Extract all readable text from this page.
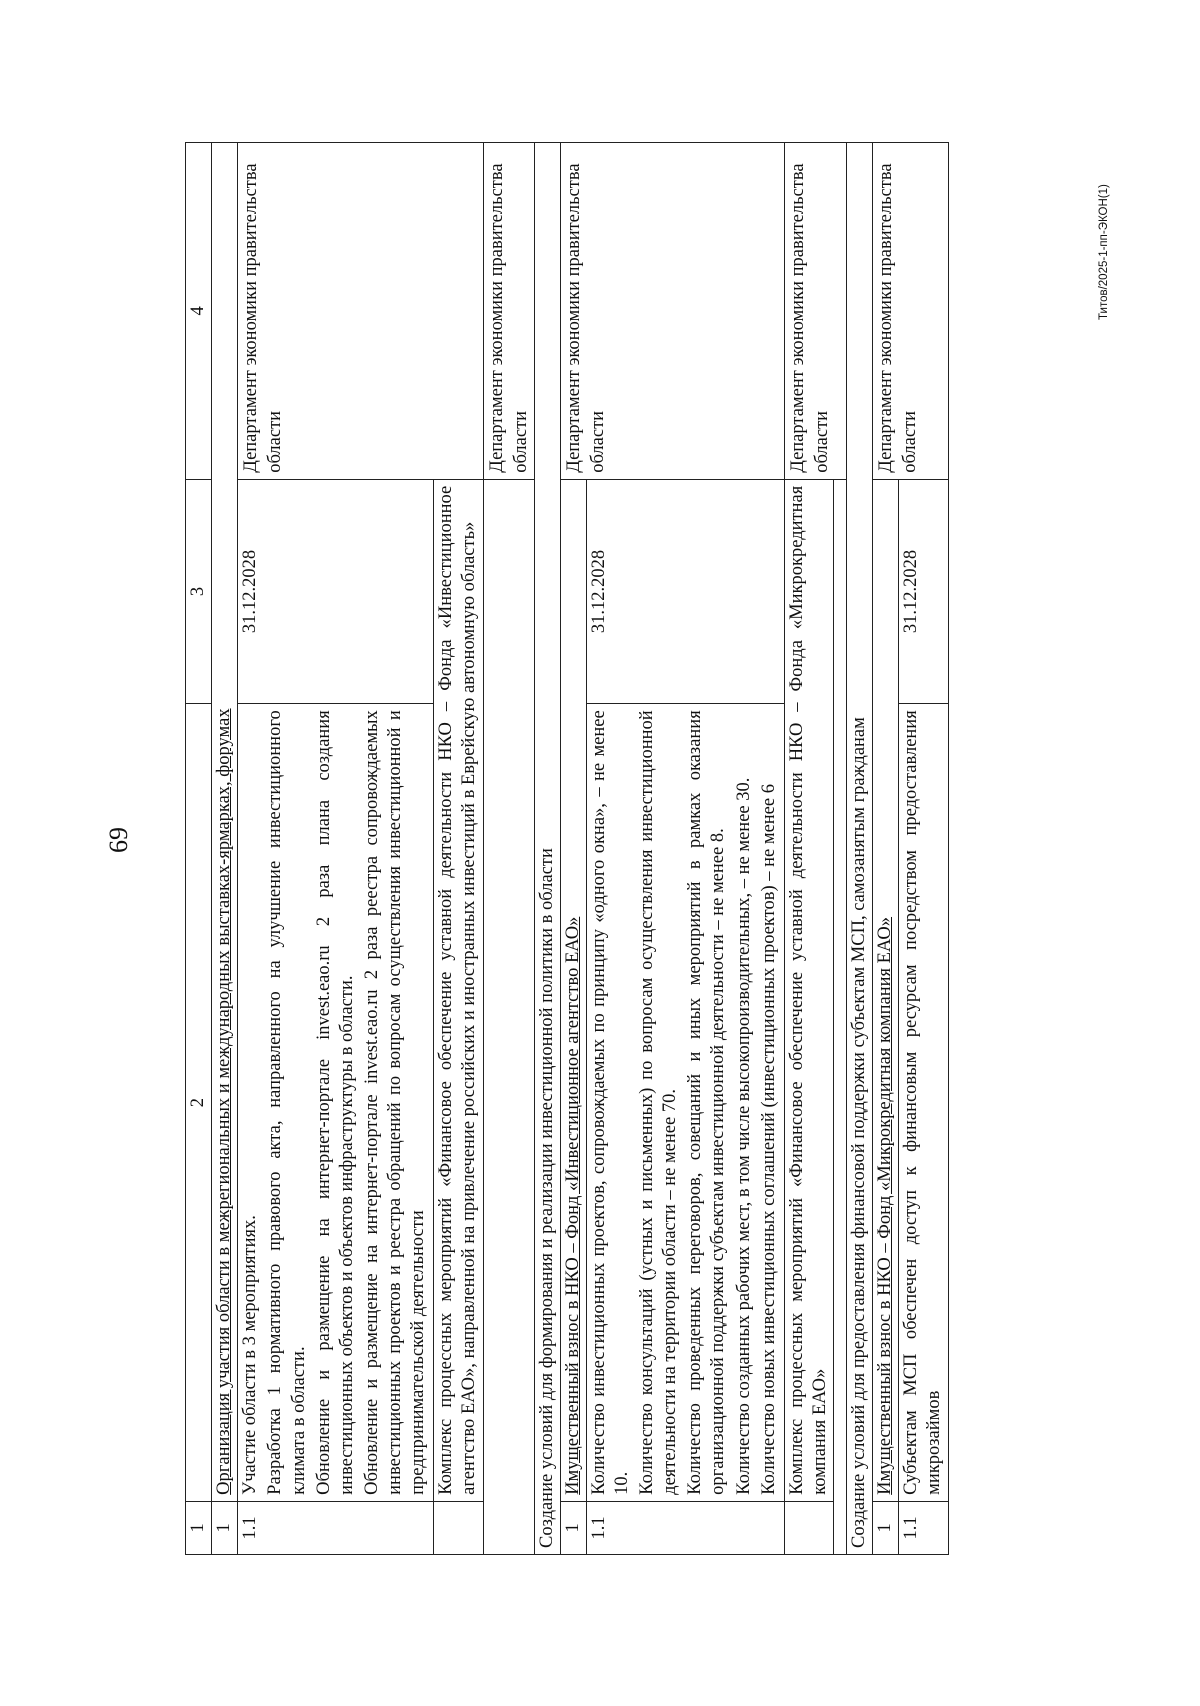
69
Титов/2025-1-пп-ЭКОН(1)
1	2	3	4
1	Организация участия области в межрегиональных и международных выставках-ярмарках, форумах		
1.1	Участие области в 3 мероприятиях. Разработка 1 нормативного правового акта, направленного на улучшение инвестиционного климата в области. Обновление и размещение на интернет-портале invest.eao.ru 2 раза плана создания инвестиционных объектов и объектов инфраструктуры в области. Обновление и размещение на интернет-портале invest.eao.ru 2 раза реестра сопровождаемых инвестиционных проектов и реестра обращений по вопросам осуществления инвестиционной и предпринимательской деятельности	31.12.2028	Департамент экономики правительства области
	Комплекс процессных мероприятий «Финансовое обеспечение уставной деятельности НКО – Фонда «Инвестиционное агентство ЕАО», направленной на привлечение российских и иностранных инвестиций в Еврейскую автономную область»		
			Департамент экономики правительства области
Создание условий для формирования и реализации инвестиционной политики в области			
1	Имущественный взнос в НКО – Фонд «Инвестиционное агентство ЕАО»		Департамент экономики правительства области
1.1	Количество инвестиционных проектов, сопровождаемых по принципу «одного окна», – не менее 10. Количество консультаций (устных и письменных) по вопросам осуществления инвестиционной деятельности на территории области – не менее 70. Количество проведенных переговоров, совещаний и иных мероприятий в рамках оказания организационной поддержки субъектам инвестиционной деятельности – не менее 8. Количество созданных рабочих мест, в том числе высокопроизводительных, – не менее 30. Количество новых инвестиционных соглашений (инвестиционных проектов) – не менее 6	31.12.2028	
	Комплекс процессных мероприятий «Финансовое обеспечение уставной деятельности НКО – Фонда «Микрокредитная компания ЕАО»		Департамент экономики правительства области

Создание условий для предоставления финансовой поддержки субъектам МСП, самозанятым гражданам			
1	Имущественный взнос в НКО – Фонд «Микрокредитная компания ЕАО»		Департамент экономики правительства области
1.1	Субъектам МСП обеспечен доступ к финансовым ресурсам посредством предоставления микрозаймов	31.12.2028	
